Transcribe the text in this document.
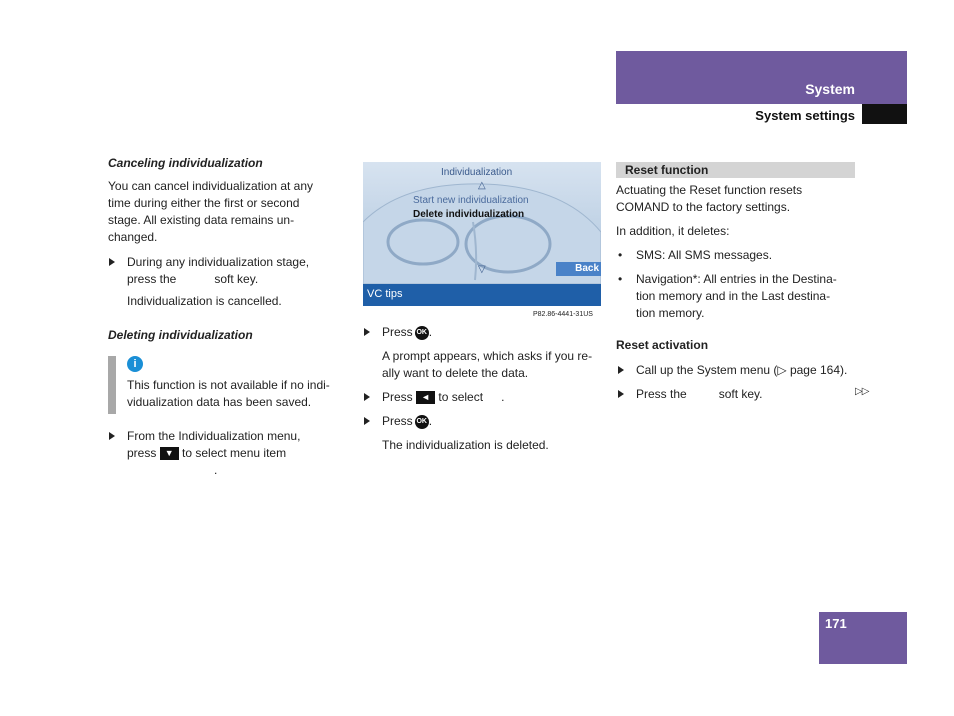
System
System settings
Canceling individualization
You can cancel individualization at any
time during either the first or second
stage. All existing data remains un-
changed.
During any individualization stage,
press the	soft key.
Individualization is cancelled.
Deleting individualization
i
This function is not available if no indi-
vidualization data has been saved.
From the Individualization menu,
press ▼ to select menu item
.
Individualization
△
Start new individualization
Delete individualization
▽	Back
VC tips
P82.86-4441-31US
Press OK .
A prompt appears, which asks if you re-
ally want to delete the data.
Press ◄ to select .
Press OK .
The individualization is deleted.
Reset function
Actuating the Reset function resets
COMAND to the factory settings.
In addition, it deletes:
• SMS: All SMS messages.
• Navigation*: All entries in the Destina-
tion memory and in the Last destina-
tion memory.
Reset activation
Call up the System menu (▷ page 164).
Press the	soft key.	▷▷
171
